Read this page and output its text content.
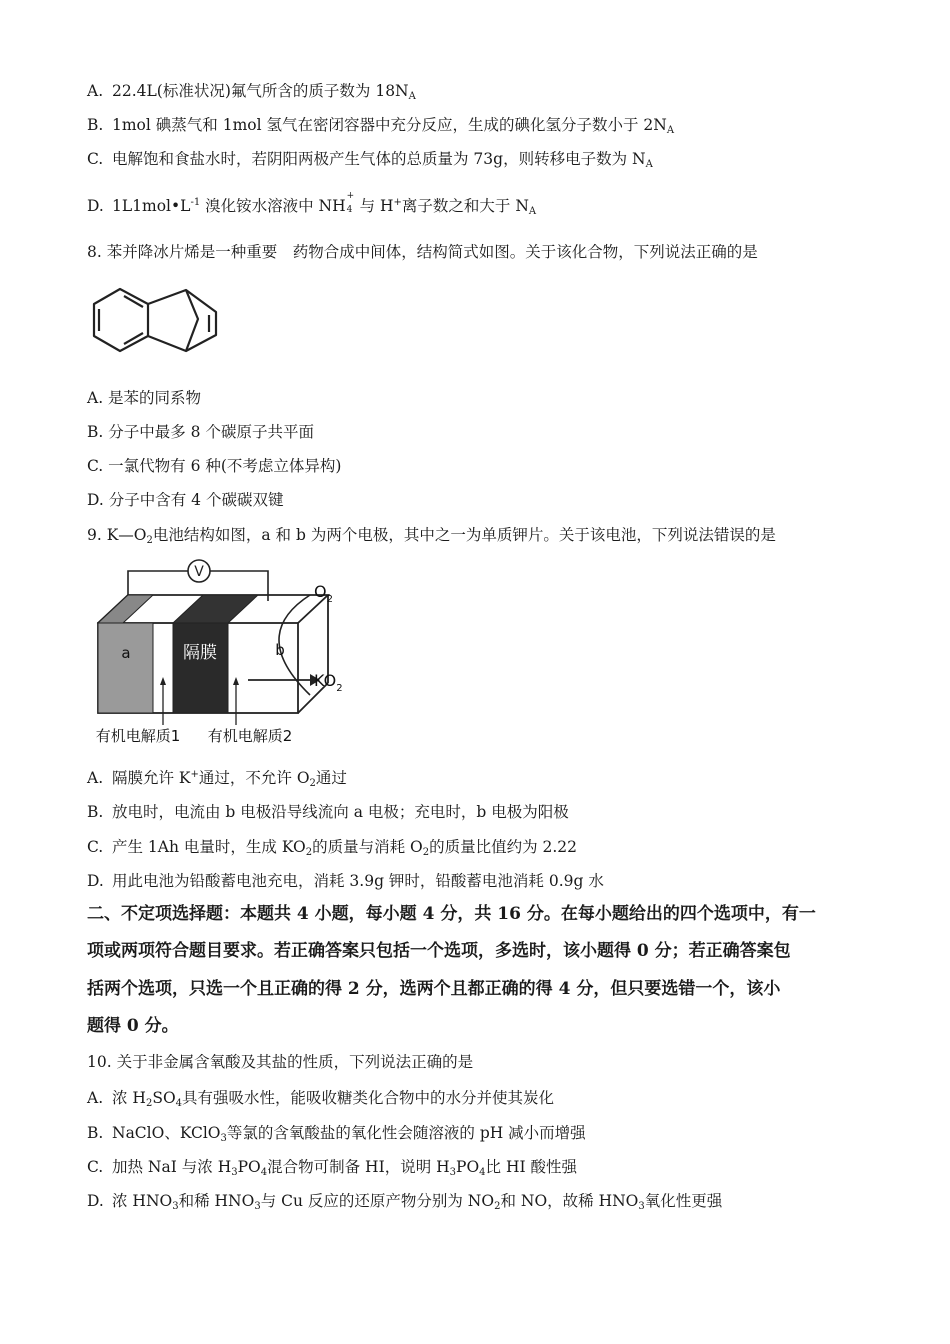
A. 22.4L(标准状况)氟气所含的质子数为 $18N_A$
B. 1mol 碘蒸气和 1mol 氢气在密闭容器中充分反应，生成的碘化氢分子数小于 $2N_A$
C. 电解饱和食盐水时，若阴阳两极产生气体的总质量为 73g，则转移电子数为 $N_A$
D. $1L1mol•L^{-1}$ 溴化铵水溶液中 NH
+
4 与 H+离子数之和大于 $N_A$
8. 苯并降冰片烯是一种重要　药物合成中间体，结构简式如图。关于该化合物，下列说法正确的是
A. 是苯的同系物
B. 分子中最多 8 个碳原子共平面
C. 一氯代物有 6 种(不考虑立体异构)
D. 分子中含有 4 个碳碳双键
9. $K—O_2$电池结构如图，a 和 b 为两个电极，其中之一为单质钾片。关于该电池，下列说法错误的是
V
a	隔膜	b
$O_2$
$KO_2$
有机电解质1 有机电解质2
A. 隔膜允许 K+通过，不允许 $O_2$通过
B. 放电时，电流由 b 电极沿导线流向 a 电极；充电时，b 电极为阳极
C. 产生 1Ah 电量时，生成 $KO_2$的质量与消耗 $O_2$的质量比值约为 2.22
D. 用此电池为铅酸蓄电池充电，消耗 3.9g 钾时，铅酸蓄电池消耗 0.9g 水
二、不定项选择题：本题共 4 小题，每小题 4 分，共 16 分。在每小题给出的四个选项中，有一
项或两项符合题目要求。若正确答案只包括一个选项，多选时，该小题得 0 分；若正确答案包
括两个选项，只选一个且正确的得 2 分，选两个且都正确的得 4 分，但只要选错一个，该小
题得 0 分。
10. 关于非金属含氧酸及其盐的性质，下列说法正确的是
A. 浓 $H_2SO_4$具有强吸水性，能吸收糖类化合物中的水分并使其炭化
B. NaClO、KClO$_3$等氯的含氧酸盐的氧化性会随溶液的 pH 减小而增强
C. 加热 NaI 与浓 $H_3PO_4$混合物可制备 HI，说明 $H_3PO_4$比 HI 酸性强
D. 浓 $HNO_3$和稀 $HNO_3$与 Cu 反应的还原产物分别为 $NO_2$和 NO，故稀 $HNO_3$氧化性更强
